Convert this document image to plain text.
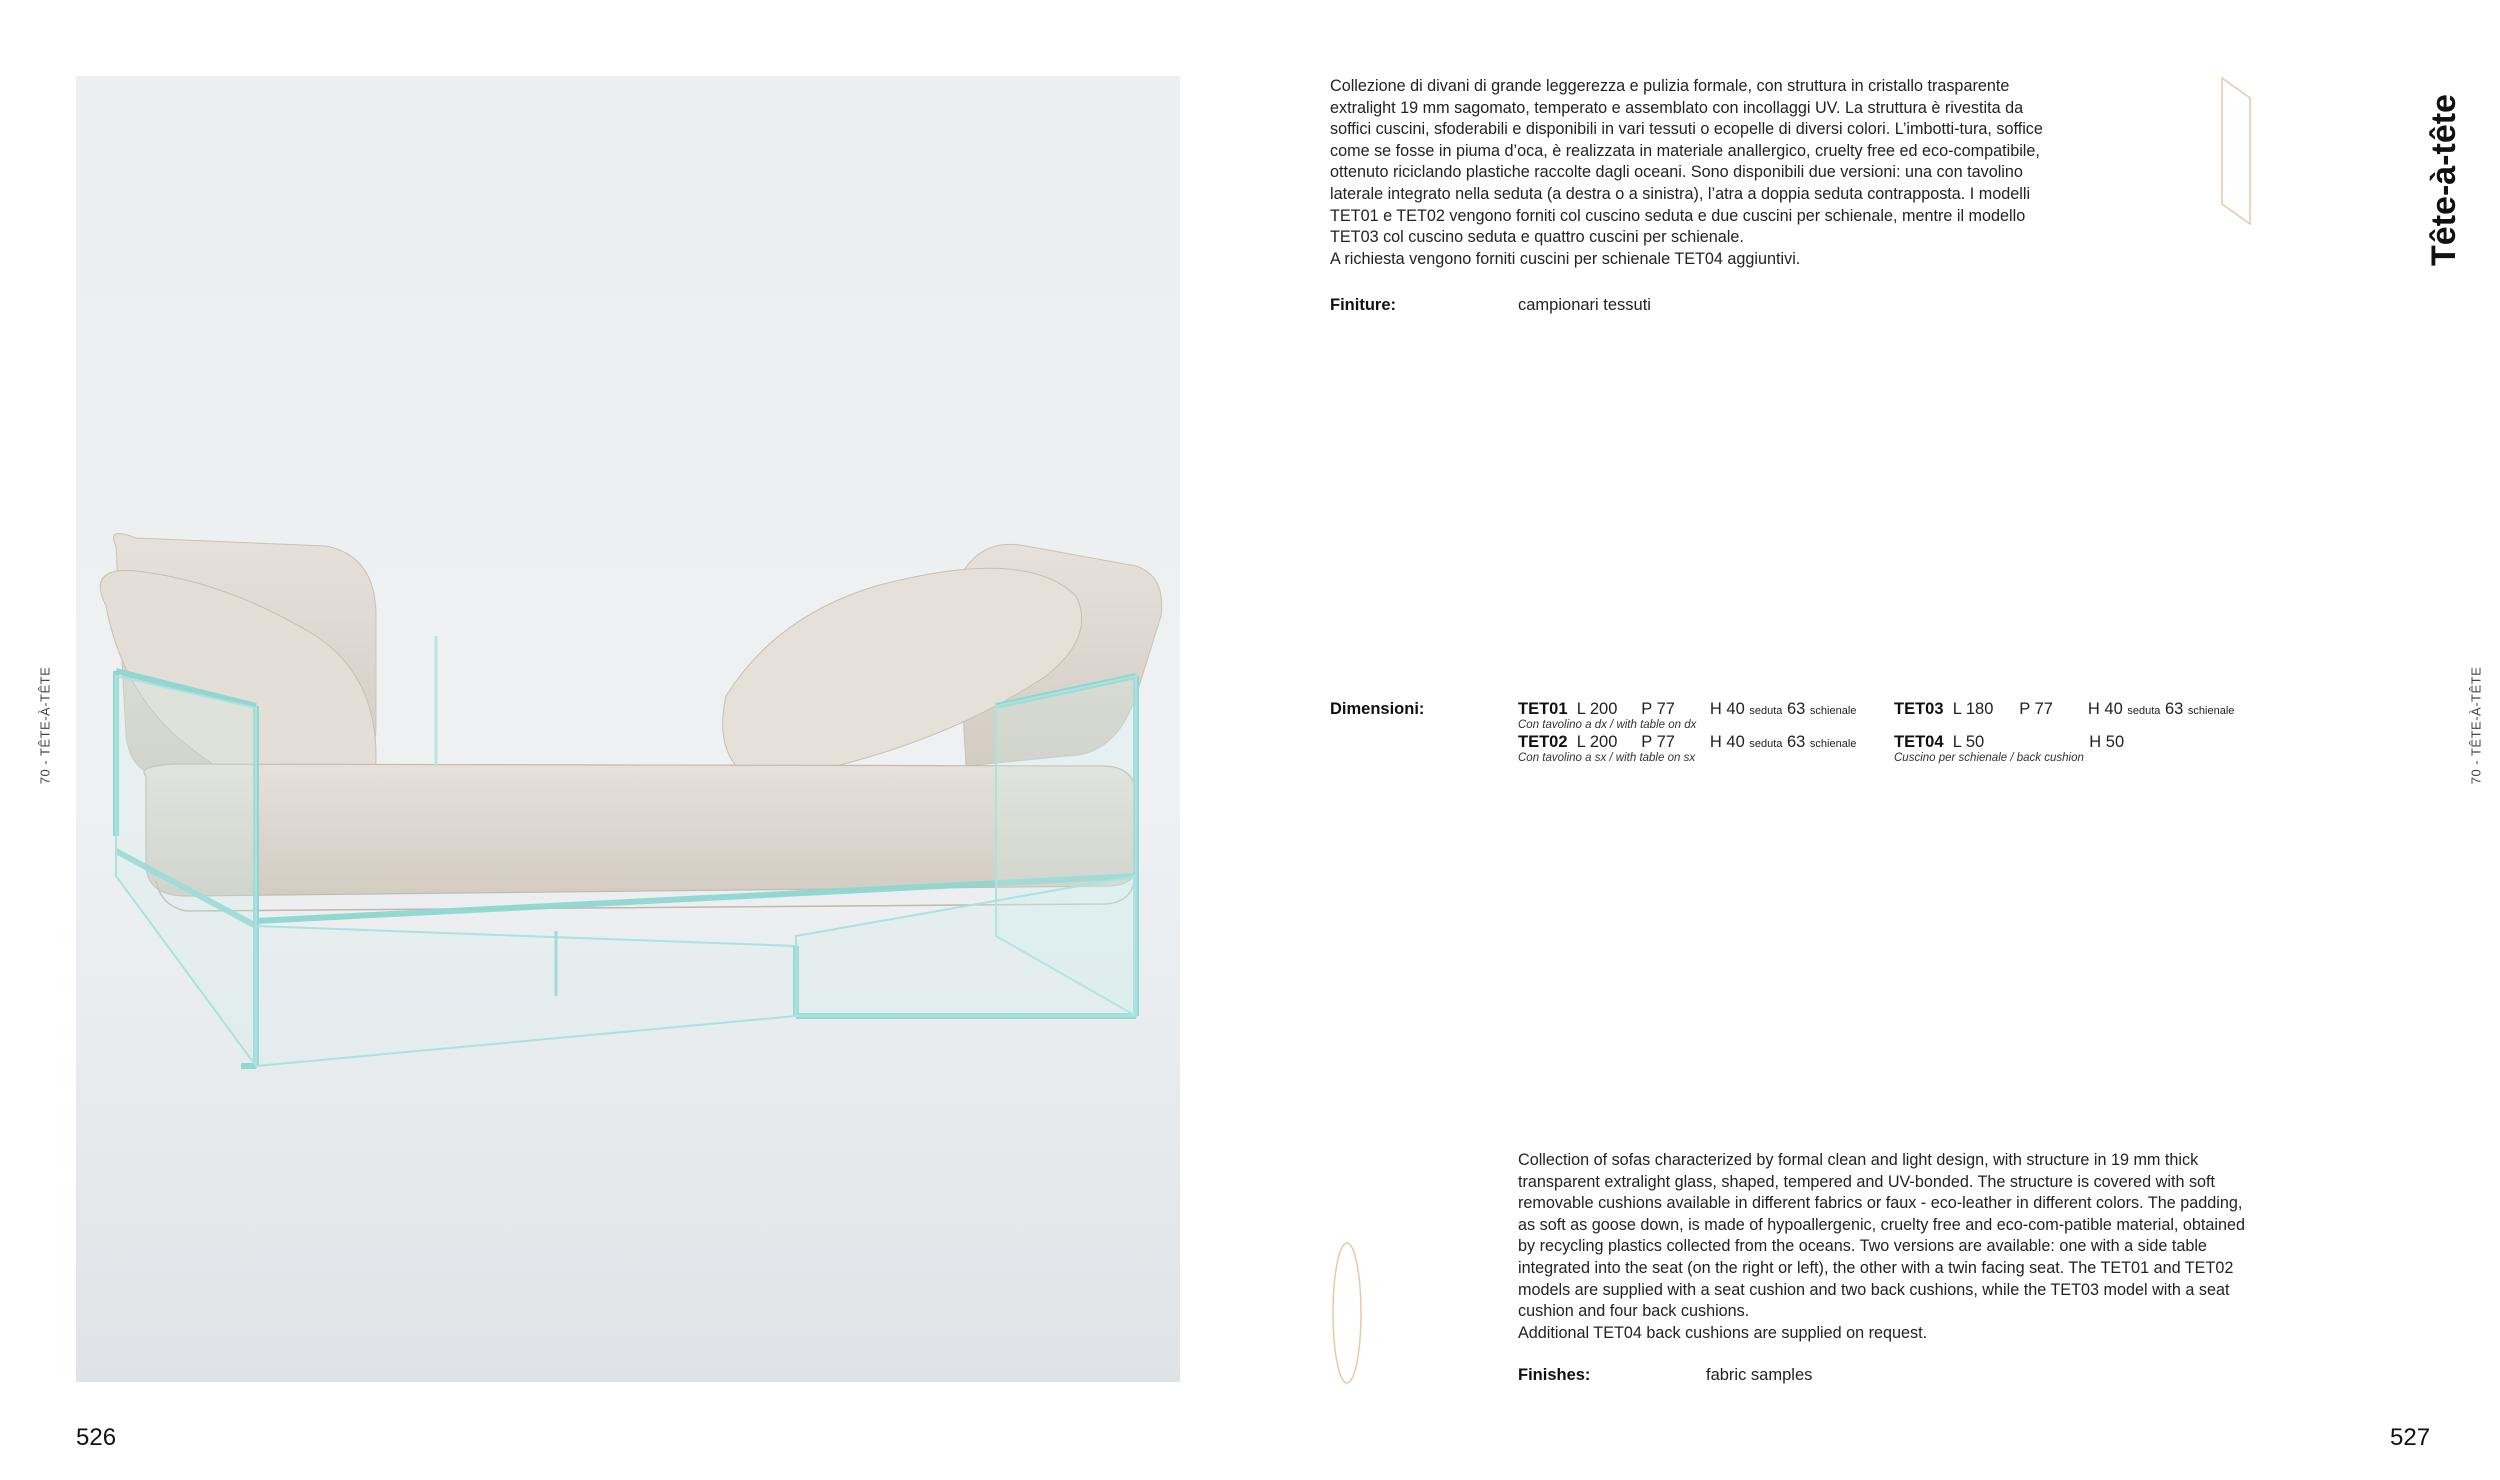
70 - TÊTE-À-TÊTE
526

Collezione di divani di grande leggerezza e pulizia formale, con struttura in cristallo trasparente extralight 19 mm sagomato, temperato e assemblato con incollaggi UV. La struttura è rivestita da soffici cuscini, sfoderabili e disponibili in vari tessuti o ecopelle di diversi colori. L’imbotti-tura, soffice come se fosse in piuma d’oca, è realizzata in materiale anallergico, cruelty free ed eco-compatibile, ottenuto riciclando plastiche raccolte dagli oceani. Sono disponibili due versioni: una con tavolino laterale integrato nella seduta (a destra o a sinistra), l’atra a doppia seduta contrapposta. I modelli TET01 e TET02 vengono forniti col cuscino seduta e due cuscini per schienale, mentre il modello TET03 col cuscino seduta e quattro cuscini per schienale.
A richiesta vengono forniti cuscini per schienale TET04 aggiuntivi.

Finiture:	campionari tessuti
Dimensioni:	TET01 L 200 P 77 H 40 seduta 63 schienale
Con tavolino a dx / with table on dx
TET02 L 200 P 77 H 40 seduta 63 schienale
Con tavolino a sx / with table on sx
TET03 L 180 P 77 H 40 seduta 63 schienale
TET04 L 50	H 50
Cuscino per schienale / back cushion

Collection of sofas characterized by formal clean and light design, with structure in 19 mm thick transparent extralight glass, shaped, tempered and UV-bonded. The structure is covered with soft removable cushions available in different fabrics or faux - eco-leather in different colors. The padding, as soft as goose down, is made of hypoallergenic, cruelty free and eco-com-patible material, obtained by recycling plastics collected from the oceans. Two versions are available: one with a side table integrated into the seat (on the right or left), the other with a twin facing seat. The TET01 and TET02 models are supplied with a seat cushion and two back cushions, while the TET03 model with a seat cushion and four back cushions.
Additional TET04 back cushions are supplied on request.

Finishes:	fabric samples
Tête-à-tête
70 - TÊTE-À-TÊTE
527
